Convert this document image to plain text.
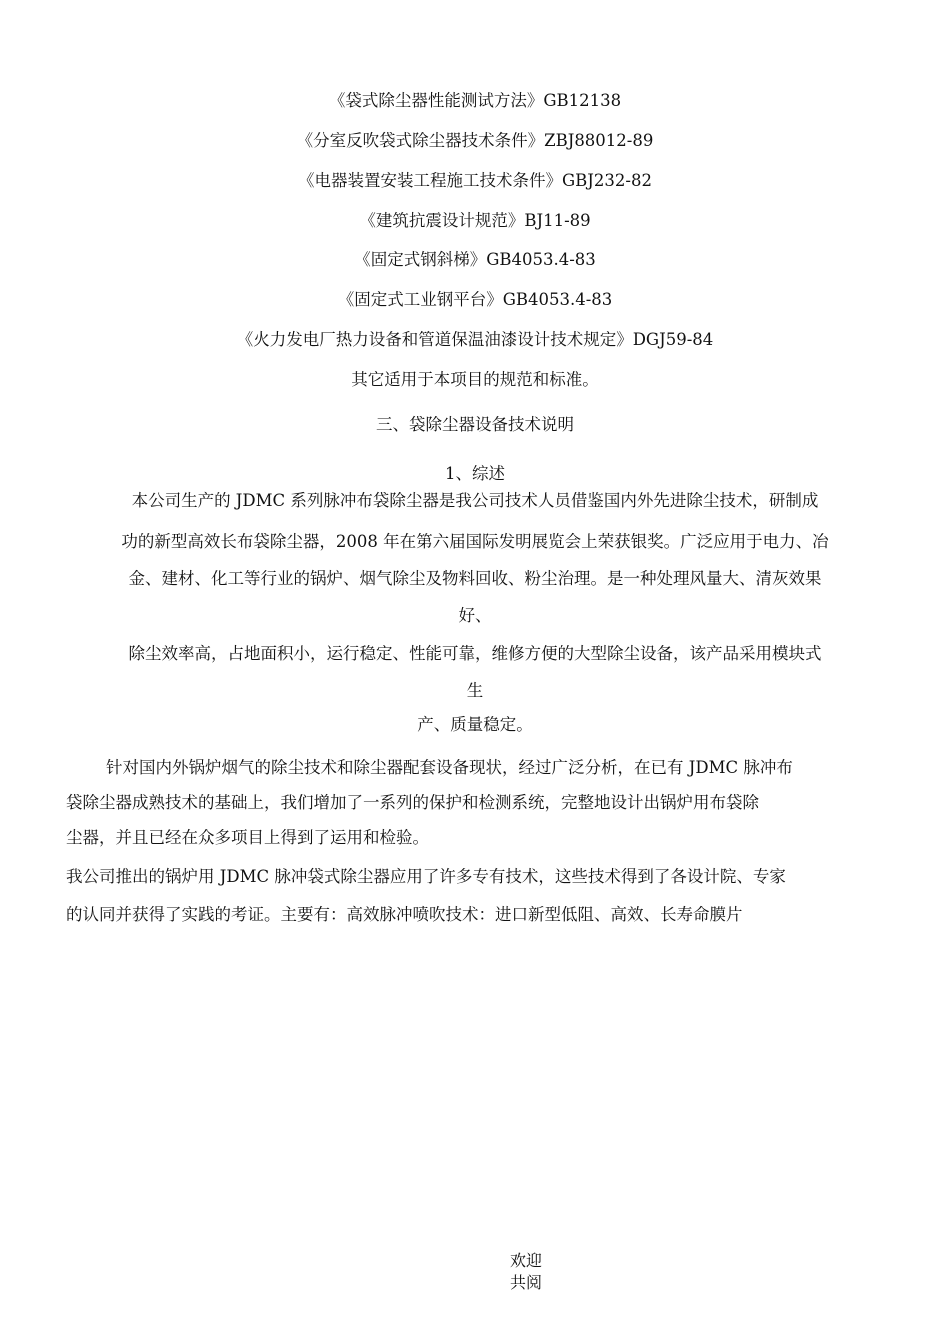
《袋式除尘器性能测试方法》GB12138
《分室反吹袋式除尘器技术条件》ZBJ88012-89
《电器装置安装工程施工技术条件》GBJ232-82
《建筑抗震设计规范》BJ11-89
《固定式钢斜梯》GB4053.4-83
《固定式工业钢平台》GB4053.4-83
《火力发电厂热力设备和管道保温油漆设计技术规定》DGJ59-84
其它适用于本项目的规范和标准。
三、袋除尘器设备技术说明
1、综述
本公司生产的 JDMC 系列脉冲布袋除尘器是我公司技术人员借鉴国内外先进除尘技术，研制成
功的新型高效长布袋除尘器，2008 年在第六届国际发明展览会上荣获银奖。广泛应用于电力、冶
金、建材、化工等行业的锅炉、烟气除尘及物料回收、粉尘治理。是一种处理风量大、清灰效果
好、
除尘效率高，占地面积小，运行稳定、性能可靠，维修方便的大型除尘设备，该产品采用模块式
生
产、质量稳定。
针对国内外锅炉烟气的除尘技术和除尘器配套设备现状，经过广泛分析，在已有 JDMC 脉冲布
袋除尘器成熟技术的基础上，我们增加了一系列的保护和检测系统，完整地设计出锅炉用布袋除
尘器，并且已经在众多项目上得到了运用和检验。
我公司推出的锅炉用 JDMC 脉冲袋式除尘器应用了许多专有技术，这些技术得到了各设计院、专家
的认同并获得了实践的考证。主要有：高效脉冲喷吹技术：进口新型低阻、高效、长寿命膜片
欢迎
共阅
